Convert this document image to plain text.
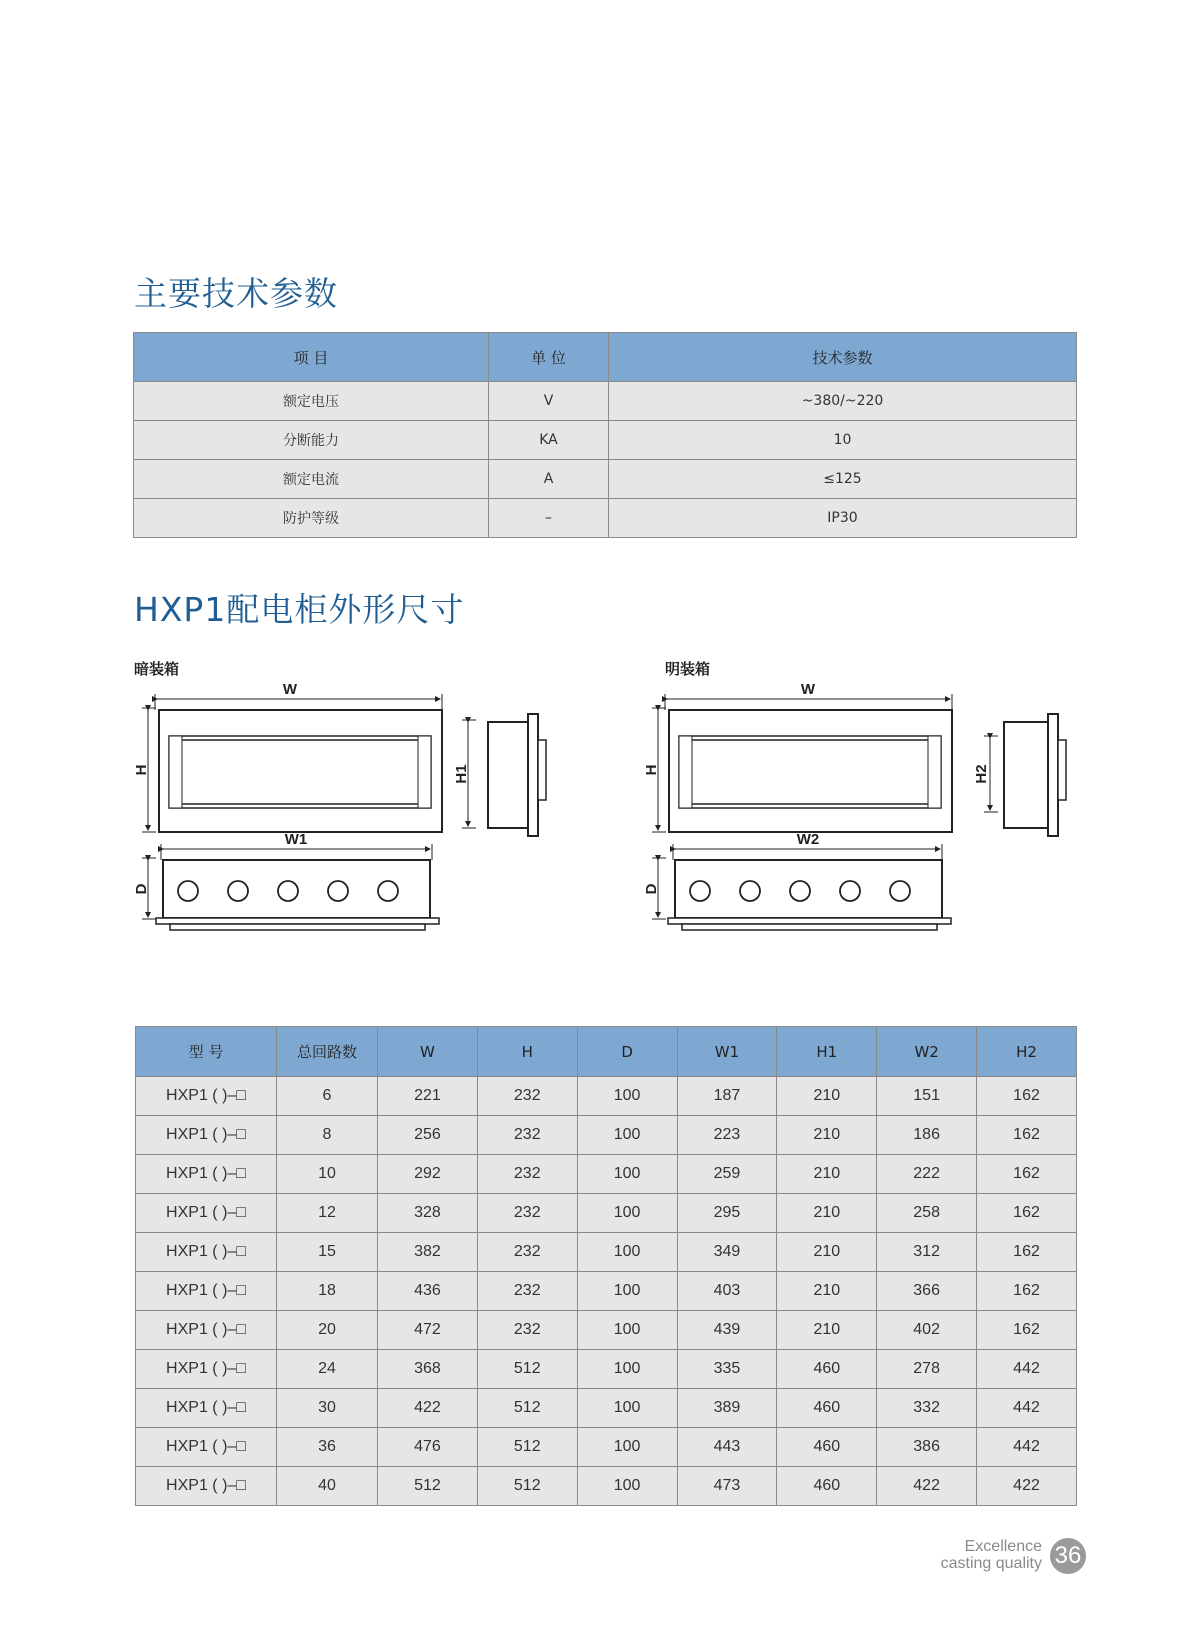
主要技术参数
项 目	单 位	技术参数
额定电压	V	~380/~220
分断能力	KA	10
额定电流	A	≤125
防护等级	–	IP30
HXP1配电柜外形尺寸
暗装箱	明装箱
W
H	H1
W1
D
W
H	H2
W2
D
型 号	总回路数	W	H	D	W1	H1	W2	H2
HXP1 ( )–□	6	221	232	100	187	210	151	162
HXP1 ( )–□	8	256	232	100	223	210	186	162
HXP1 ( )–□	10	292	232	100	259	210	222	162
HXP1 ( )–□	12	328	232	100	295	210	258	162
HXP1 ( )–□	15	382	232	100	349	210	312	162
HXP1 ( )–□	18	436	232	100	403	210	366	162
HXP1 ( )–□	20	472	232	100	439	210	402	162
HXP1 ( )–□	24	368	512	100	335	460	278	442
HXP1 ( )–□	30	422	512	100	389	460	332	442
HXP1 ( )–□	36	476	512	100	443	460	386	442
HXP1 ( )–□	40	512	512	100	473	460	422	422
Excellence
casting quality 36
